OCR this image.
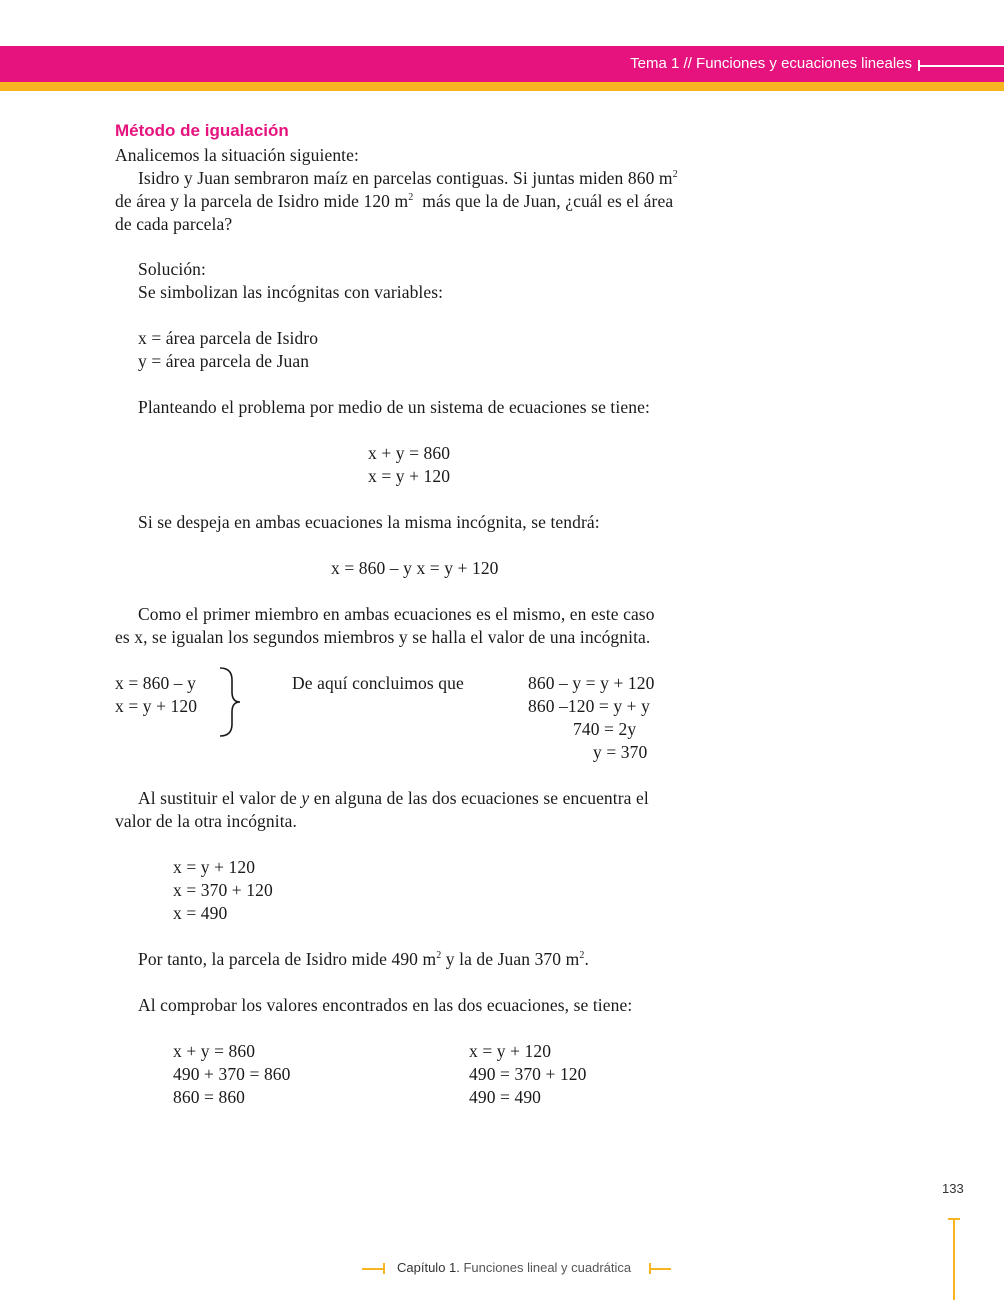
Tema 1 // Funciones y ecuaciones lineales
Método de igualación
Analicemos la situación siguiente:
Isidro y Juan sembraron maíz en parcelas contiguas. Si juntas miden 860 $m^2$
de área y la parcela de Isidro mide 120 $m^2$  más que la de Juan, ¿cuál es el área
de cada parcela?
Solución:
Se simbolizan las incógnitas con variables:
x = área parcela de Isidro
y = área parcela de Juan
Planteando el problema por medio de un sistema de ecuaciones se tiene:
x + y = 860
x = y + 120
Si se despeja en ambas ecuaciones la misma incógnita, se tendrá:
x = 860 – y x = y + 120
Como el primer miembro en ambas ecuaciones es el mismo, en este caso
es x, se igualan los segundos miembros y se halla el valor de una incógnita.
x = 860 – y
x = y + 120
De aquí concluimos que	860 – y = y + 120
860 –120 = y + y
740 = 2y
y = 370
Al sustituir el valor de y en alguna de las dos ecuaciones se encuentra el
valor de la otra incógnita.
x = y + 120
x = 370 + 120
x = 490
Por tanto, la parcela de Isidro mide 490 $m^2$ y la de Juan 370 $m^2$.
Al comprobar los valores encontrados en las dos ecuaciones, se tiene:
x + y = 860
490 + 370 = 860
860 = 860
x = y + 120
490 = 370 + 120
490 = 490
133
Capítulo 1. Funciones lineal y cuadrática
